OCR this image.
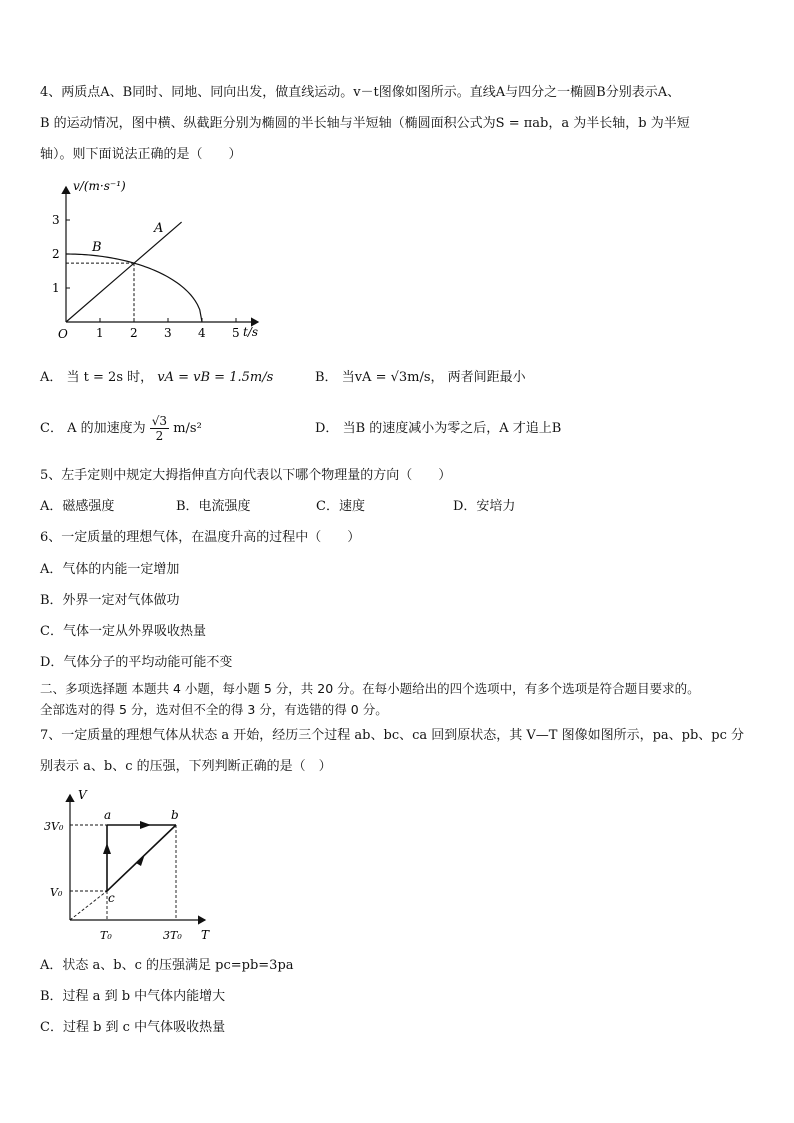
4、两质点A、B同时、同地、同向出发，做直线运动。v－t图像如图所示。直线A与四分之一椭圆B分别表示A、
B 的运动情况，图中横、纵截距分别为椭圆的半长轴与半短轴（椭圆面积公式为S = πab，a 为半长轴，b 为半短
轴）。则下面说法正确的是（　　）
v/(m·s⁻¹)
t/s
O 1 2 3 4 5
1
2
3
A
B
A． 当 t = 2s 时， vA = vB = 1.5m/s	B． 当vA = √3m/s， 两者间距最小
C． A 的加速度为 $\frac{√3}{2} m/s^2$	D． 当B 的速度减小为零之后，A 才追上B
5、左手定则中规定大拇指伸直方向代表以下哪个物理量的方向（　　）
A．磁感强度	B．电流强度	C．速度	D．安培力
6、一定质量的理想气体，在温度升高的过程中（　　）
A．气体的内能一定增加
B．外界一定对气体做功
C．气体一定从外界吸收热量
D．气体分子的平均动能可能不变
二、多项选择题 本题共 4 小题，每小题 5 分，共 20 分。在每小题给出的四个选项中，有多个选项是符合题目要求的。
全部选对的得 5 分，选对但不全的得 3 分，有选错的得 0 分。
7、一定质量的理想气体从状态 a 开始，经历三个过程 ab、bc、ca 回到原状态，其 V—T 图像如图所示，pa、pb、pc 分
别表示 a、b、c 的压强，下列判断正确的是（　）
V
T
3V₀
V₀
T₀	3T₀
a	b
c
A．状态 a、b、c 的压强满足 pc=pb=3pa
B．过程 a 到 b 中气体内能增大
C．过程 b 到 c 中气体吸收热量
